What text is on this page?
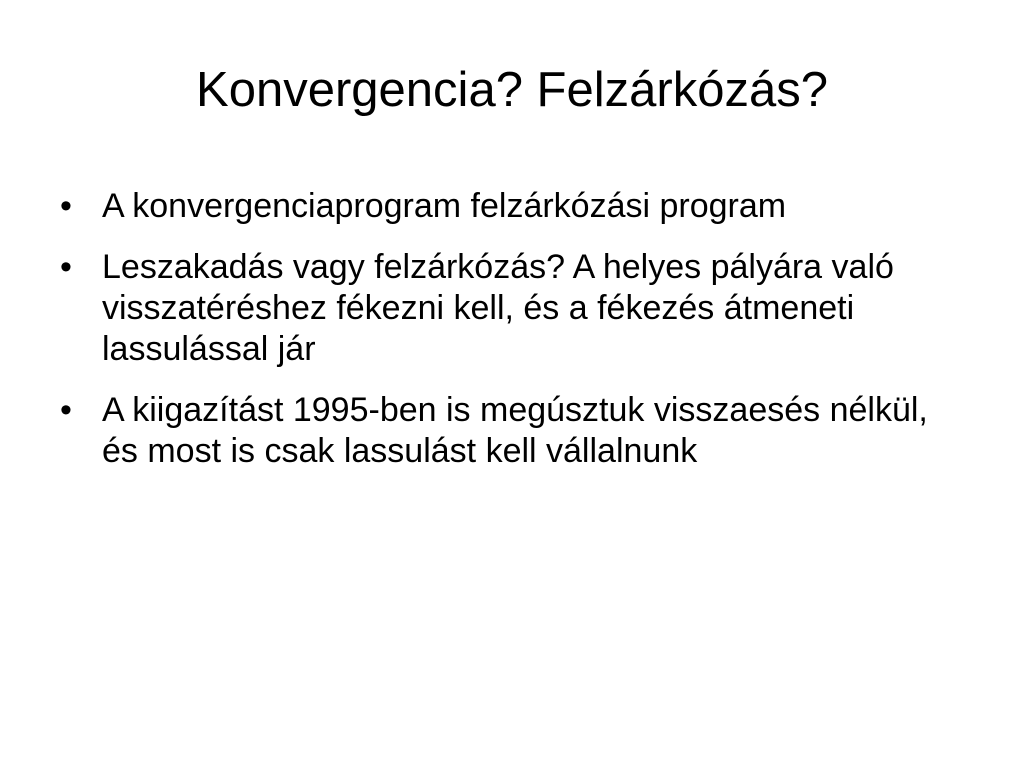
Konvergencia? Felzárkózás?
• A konvergenciaprogram felzárkózási program
• Leszakadás vagy felzárkózás? A helyes pályára való visszatéréshez fékezni kell, és a fékezés átmeneti lassulással jár
• A kiigazítást 1995-ben is megúsztuk visszaesés nélkül, és most is csak lassulást kell vállalnunk
